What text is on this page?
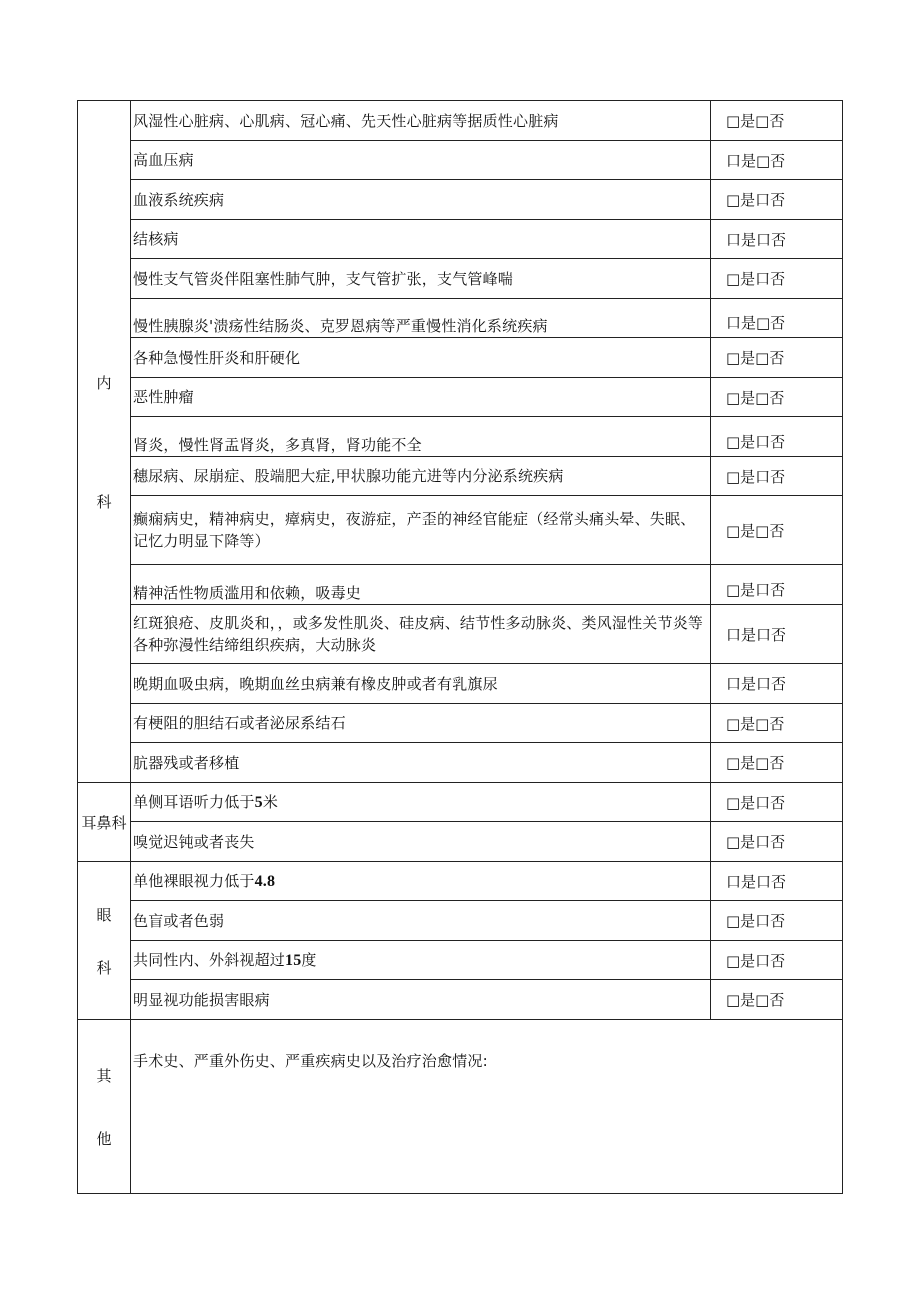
内
科	风湿性心脏病、心肌病、冠心痛、先天性心脏病等据质性心脏病	□是□否
	高血压病	口是□否
	血液系统疾病	□是口否
	结核病	口是口否
	慢性支气管炎伴阻塞性肺气肿，支气管扩张，支气管峰喘	□是口否
	慢性胰腺炎'溃疡性结肠炎、克罗恩病等严重慢性消化系统疾病	口是□否
	各种急慢性肝炎和肝硬化	□是□否
	恶性肿瘤	□是□否
	肾炎，慢性肾盂肾炎，多真肾，肾功能不全	□是口否
	穗尿病、尿崩症、股端肥大症,甲状腺功能亢进等内分泌系统疾病	□是口否
	癫痫病史，精神病史，瘴病史，夜游症，产歪的神经官能症（经常头痛头晕、失眠、记忆力明显下降等）	□是□否
	精神活性物质滥用和依赖，吸毒史	□是口否
	红斑狼疮、皮肌炎和，，或多发性肌炎、硅皮病、结节性多动脉炎、类风湿性关节炎等各种弥漫性结缔组织疾病，大动脉炎	口是口否
	晚期血吸虫病，晚期血丝虫病兼有橡皮肿或者有乳旗尿	口是口否
	有梗阻的胆结石或者泌尿系结石	□是□否
	肮器残或者移植	□是□否
耳鼻科	单侧耳语听力低于5米	□是口否
	嗅觉迟钝或者丧失	□是口否

眼
科	单他裸眼视力低于4.8	口是口否
	色盲或者色弱	□是口否
	共同性内、外斜视超过15度	□是口否
	明显视功能损害眼病	□是□否

其
他	手术史、严重外伤史、严重疾病史以及治疗治愈情况:	
